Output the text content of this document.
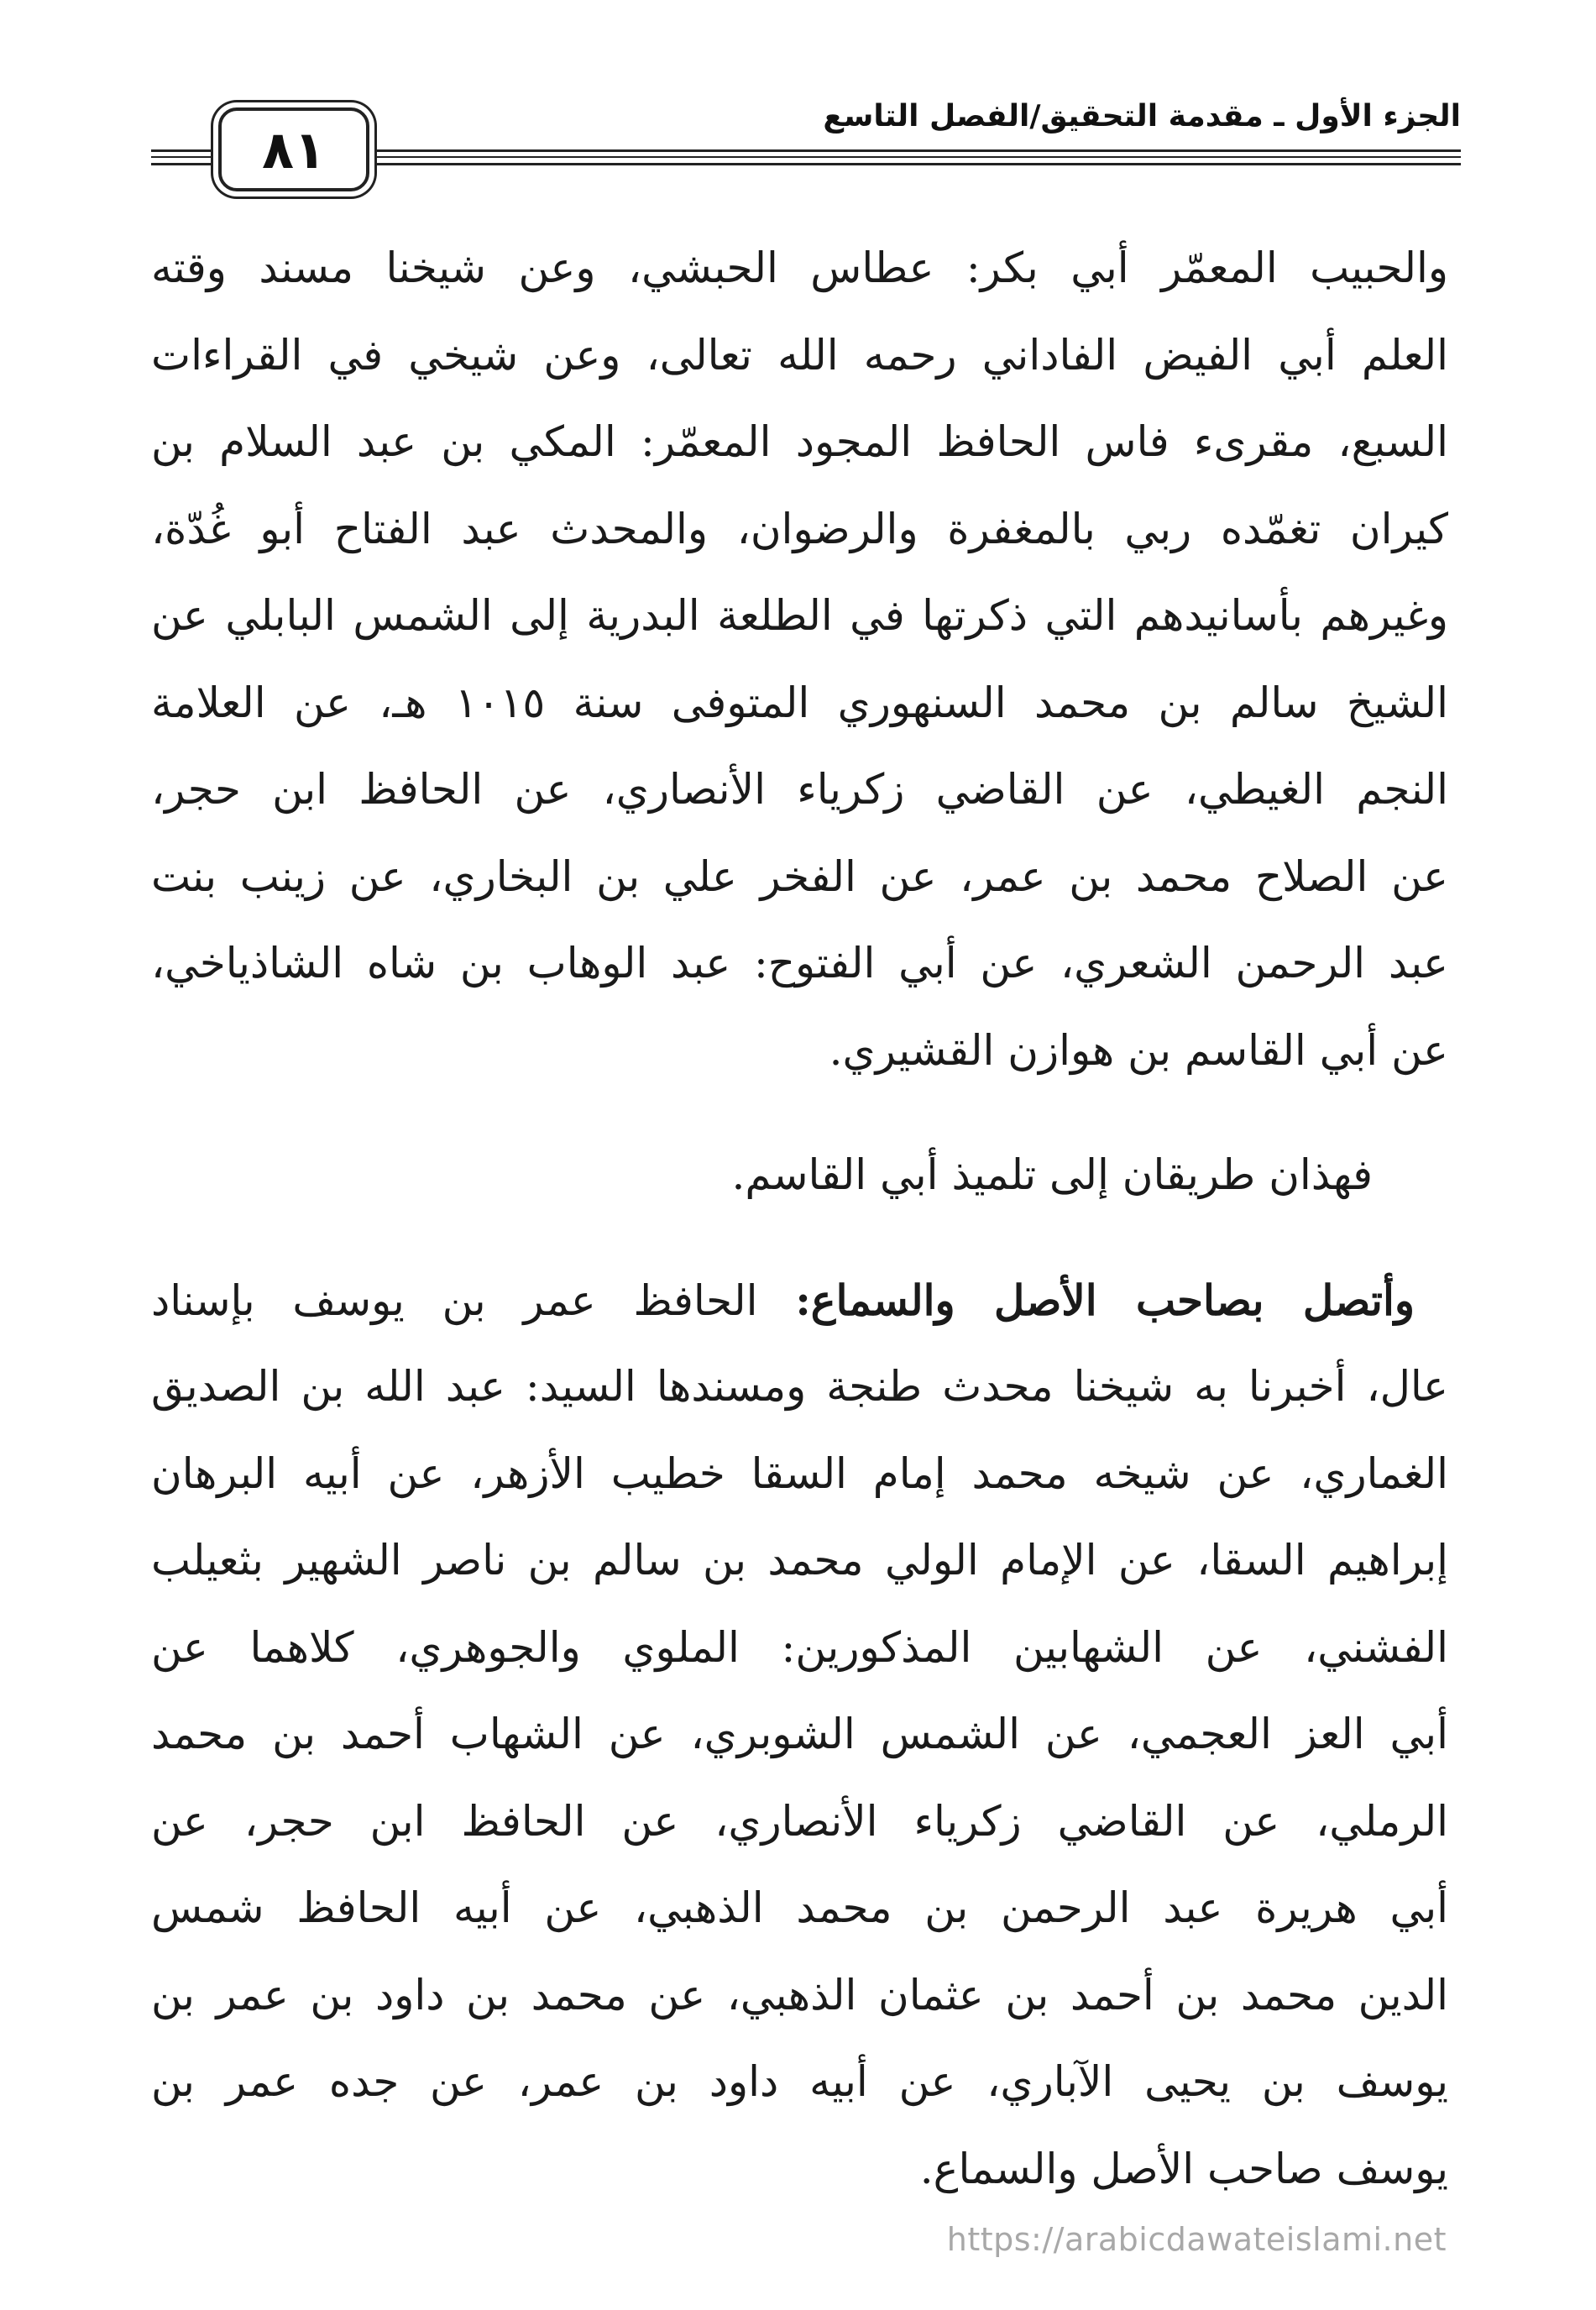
٨١
الجزء الأول ـ مقدمة التحقيق/الفصل التاسع
والحبيب المعمّر أبي بكر: عطاس الحبشي، وعن شيخنا مسند وقته
العلم أبي الفيض الفاداني رحمه الله تعالى، وعن شيخي في القراءات
السبع، مقرىء فاس الحافظ المجود المعمّر: المكي بن عبد السلام بن
كيران تغمّده ربي بالمغفرة والرضوان، والمحدث عبد الفتاح أبو غُدّة،
وغيرهم بأسانيدهم التي ذكرتها في الطلعة البدرية إلى الشمس البابلي عن
الشيخ سالم بن محمد السنهوري المتوفى سنة ١٠١٥ هـ، عن العلامة
النجم الغيطي، عن القاضي زكرياء الأنصاري، عن الحافظ ابن حجر،
عن الصلاح محمد بن عمر، عن الفخر علي بن البخاري، عن زينب بنت
عبد الرحمن الشعري، عن أبي الفتوح: عبد الوهاب بن شاه الشاذياخي،
عن أبي القاسم بن هوازن القشيري.
فهذان طريقان إلى تلميذ أبي القاسم.
وأتصل بصاحب الأصل والسماع: الحافظ عمر بن يوسف بإسناد
عال، أخبرنا به شيخنا محدث طنجة ومسندها السيد: عبد الله بن الصديق
الغماري، عن شيخه محمد إمام السقا خطيب الأزهر، عن أبيه البرهان
إبراهيم السقا، عن الإمام الولي محمد بن سالم بن ناصر الشهير بثعيلب
الفشني، عن الشهابين المذكورين: الملوي والجوهري، كلاهما عن
أبي العز العجمي، عن الشمس الشوبري، عن الشهاب أحمد بن محمد
الرملي، عن القاضي زكرياء الأنصاري، عن الحافظ ابن حجر، عن
أبي هريرة عبد الرحمن بن محمد الذهبي، عن أبيه الحافظ شمس
الدين محمد بن أحمد بن عثمان الذهبي، عن محمد بن داود بن عمر بن
يوسف بن يحيى الآباري، عن أبيه داود بن عمر، عن جده عمر بن
يوسف صاحب الأصل والسماع.
https://arabicdawateislami.net
